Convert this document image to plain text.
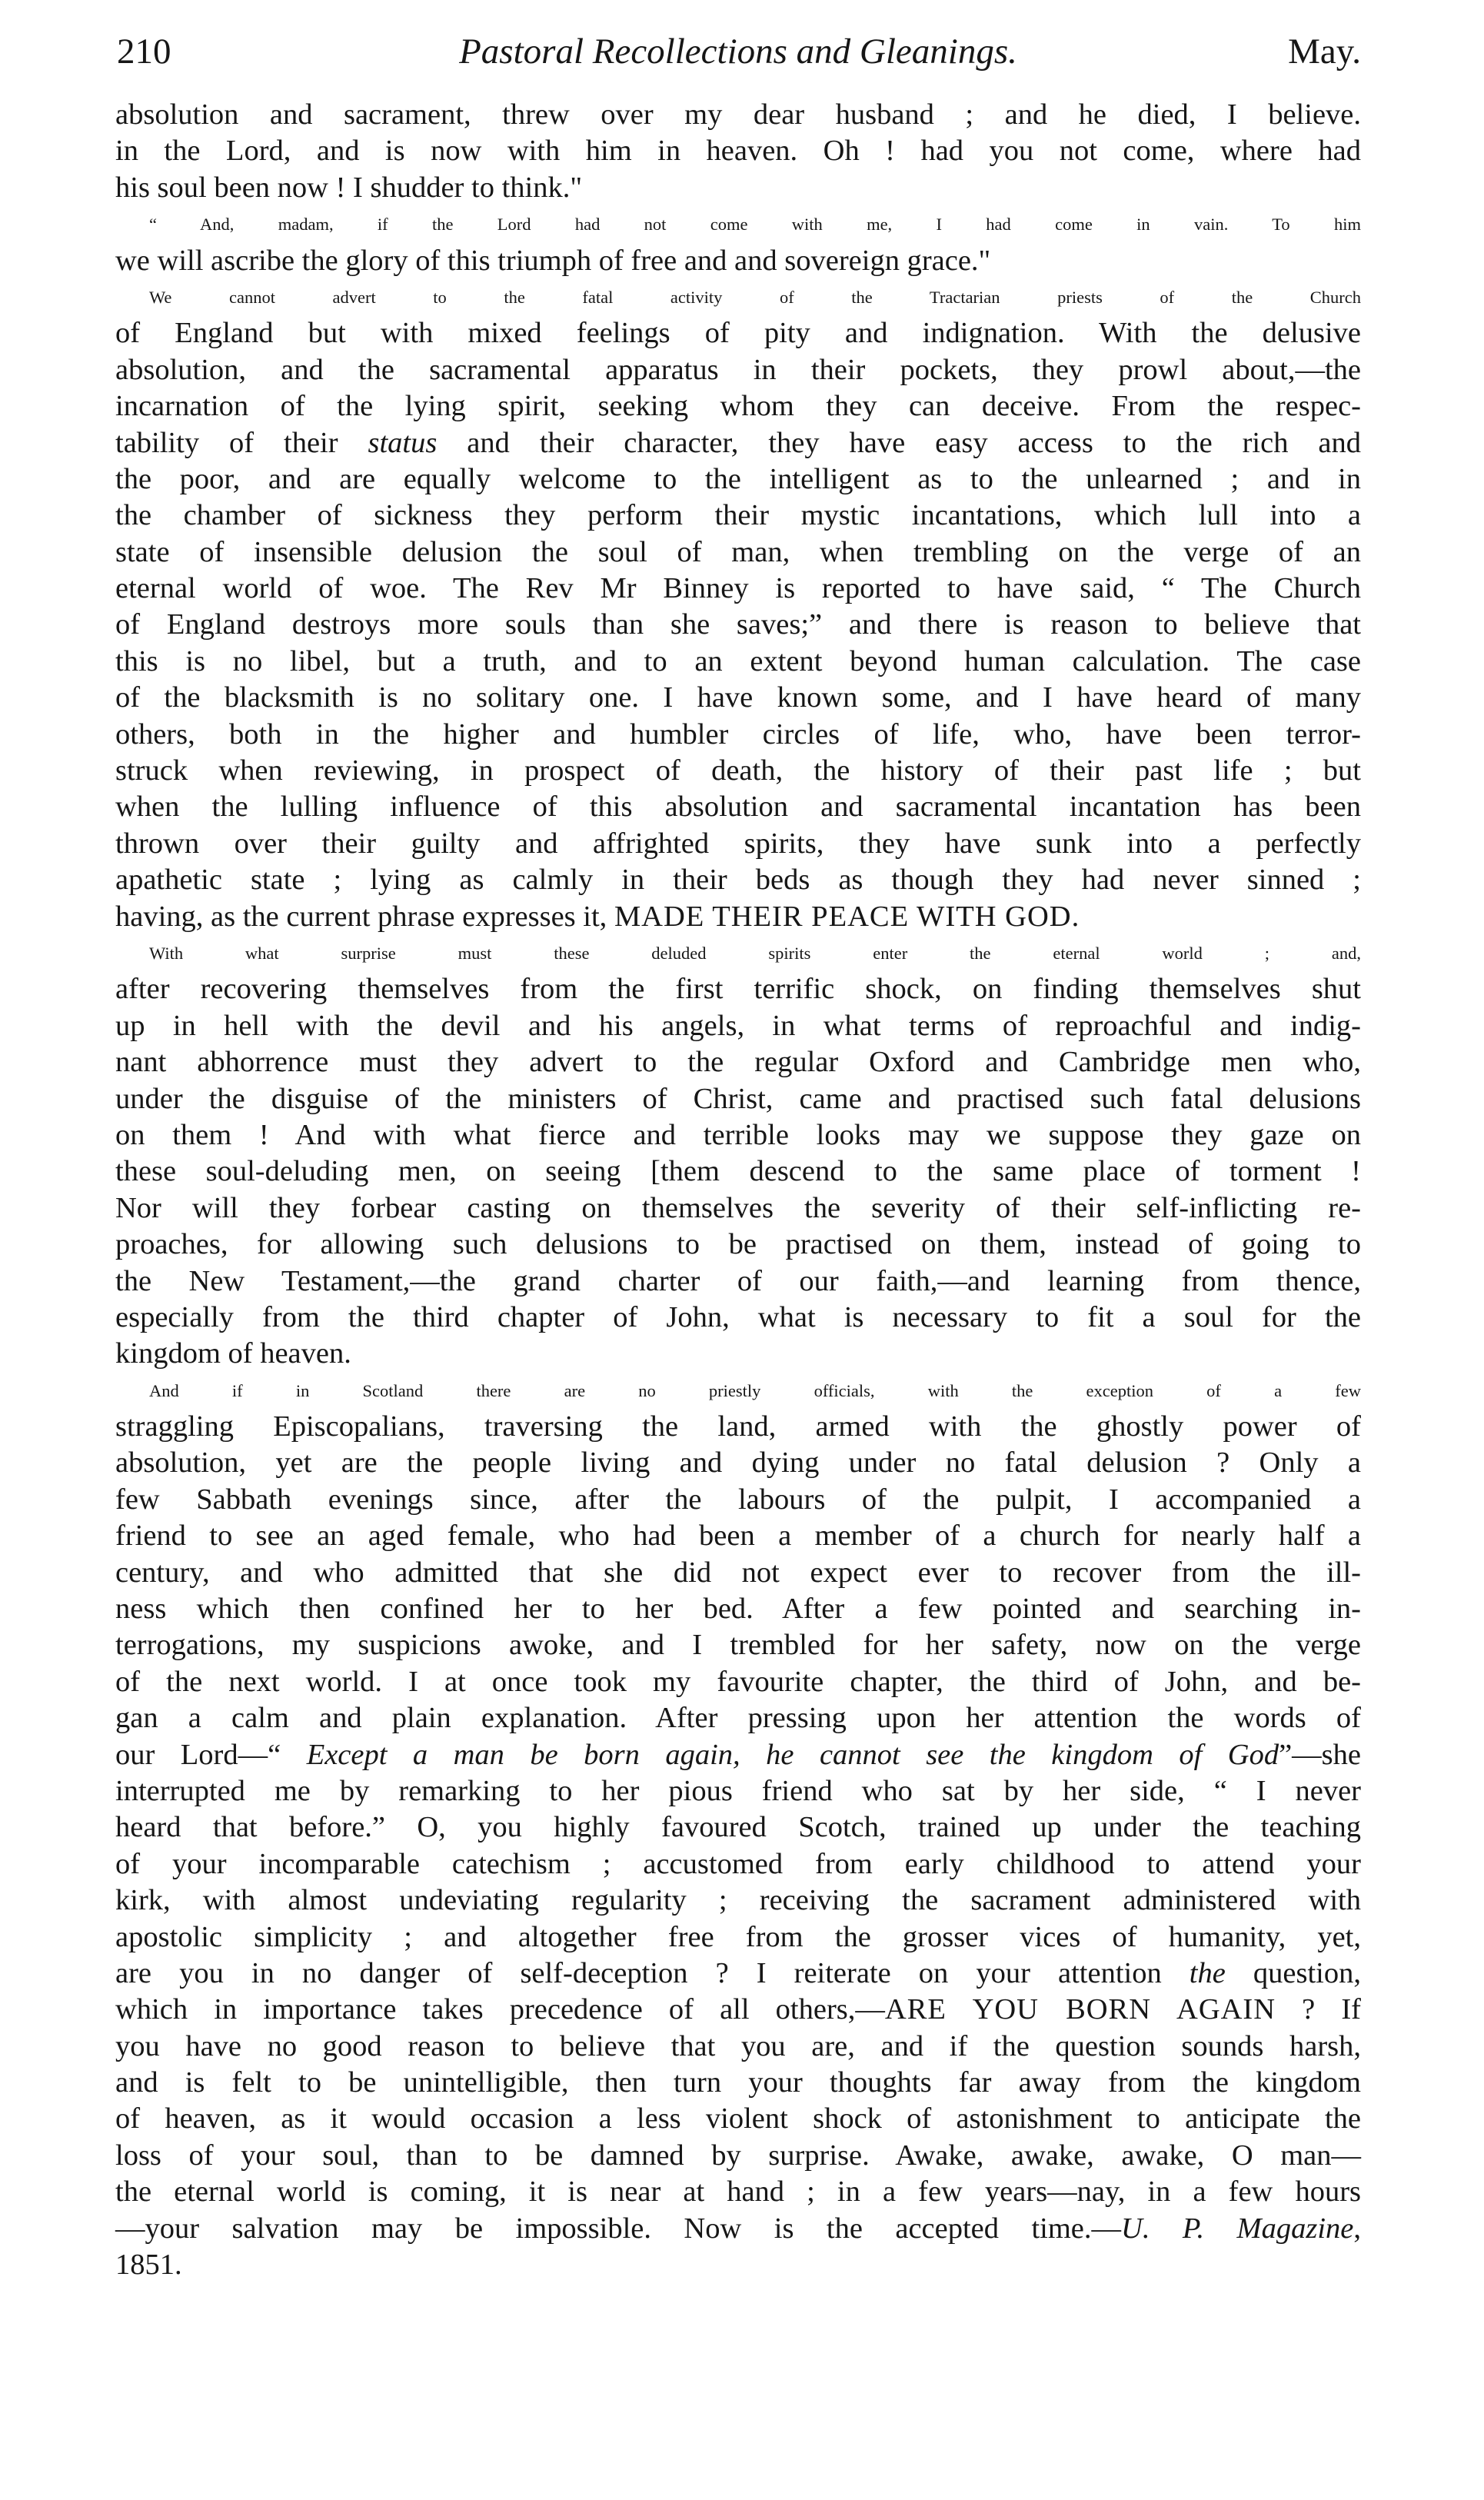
210	Pastoral Recollections and Gleanings.	May.
absolution and sacrament, threw over my dear husband ; and he died, I believe.
in the Lord, and is now with him in heaven. Oh ! had you not come, where had
his soul been now ! I shudder to think."
“ And, madam, if the Lord had not come with me, I had come in vain. To him
we will ascribe the glory of this triumph of free and and sovereign grace."
We cannot advert to the fatal activity of the Tractarian priests of the Church
of England but with mixed feelings of pity and indignation. With the delusive
absolution, and the sacramental apparatus in their pockets, they prowl about,—the
incarnation of the lying spirit, seeking whom they can deceive. From the respec-
tability of their status and their character, they have easy access to the rich and
the poor, and are equally welcome to the intelligent as to the unlearned ; and in
the chamber of sickness they perform their mystic incantations, which lull into a
state of insensible delusion the soul of man, when trembling on the verge of an
eternal world of woe. The Rev Mr Binney is reported to have said, “ The Church
of England destroys more souls than she saves;” and there is reason to believe that
this is no libel, but a truth, and to an extent beyond human calculation. The case
of the blacksmith is no solitary one. I have known some, and I have heard of many
others, both in the higher and humbler circles of life, who, have been terror-
struck when reviewing, in prospect of death, the history of their past life ; but
when the lulling influence of this absolution and sacramental incantation has been
thrown over their guilty and affrighted spirits, they have sunk into a perfectly
apathetic state ; lying as calmly in their beds as though they had never sinned ;
having, as the current phrase expresses it, MADE THEIR PEACE WITH GOD.
With what surprise must these deluded spirits enter the eternal world ; and,
after recovering themselves from the first terrific shock, on finding themselves shut
up in hell with the devil and his angels, in what terms of reproachful and indig-
nant abhorrence must they advert to the regular Oxford and Cambridge men who,
under the disguise of the ministers of Christ, came and practised such fatal delusions
on them ! And with what fierce and terrible looks may we suppose they gaze on
these soul-deluding men, on seeing [them descend to the same place of torment !
Nor will they forbear casting on themselves the severity of their self-inflicting re-
proaches, for allowing such delusions to be practised on them, instead of going to
the New Testament,—the grand charter of our faith,—and learning from thence,
especially from the third chapter of John, what is necessary to fit a soul for the
kingdom of heaven.
And if in Scotland there are no priestly officials, with the exception of a few
straggling Episcopalians, traversing the land, armed with the ghostly power of
absolution, yet are the people living and dying under no fatal delusion ? Only a
few Sabbath evenings since, after the labours of the pulpit, I accompanied a
friend to see an aged female, who had been a member of a church for nearly half a
century, and who admitted that she did not expect ever to recover from the ill-
ness which then confined her to her bed. After a few pointed and searching in-
terrogations, my suspicions awoke, and I trembled for her safety, now on the verge
of the next world. I at once took my favourite chapter, the third of John, and be-
gan a calm and plain explanation. After pressing upon her attention the words of
our Lord—“ Except a man be born again, he cannot see the kingdom of God”—she
interrupted me by remarking to her pious friend who sat by her side, “ I never
heard that before.” O, you highly favoured Scotch, trained up under the teaching
of your incomparable catechism ; accustomed from early childhood to attend your
kirk, with almost undeviating regularity ; receiving the sacrament administered with
apostolic simplicity ; and altogether free from the grosser vices of humanity, yet,
are you in no danger of self-deception ? I reiterate on your attention the question,
which in importance takes precedence of all others,—ARE YOU BORN AGAIN ? If
you have no good reason to believe that you are, and if the question sounds harsh,
and is felt to be unintelligible, then turn your thoughts far away from the kingdom
of heaven, as it would occasion a less violent shock of astonishment to anticipate the
loss of your soul, than to be damned by surprise. Awake, awake, awake, O man—
the eternal world is coming, it is near at hand ; in a few years—nay, in a few hours
—your salvation may be impossible. Now is the accepted time.—U. P. Magazine,
1851.
